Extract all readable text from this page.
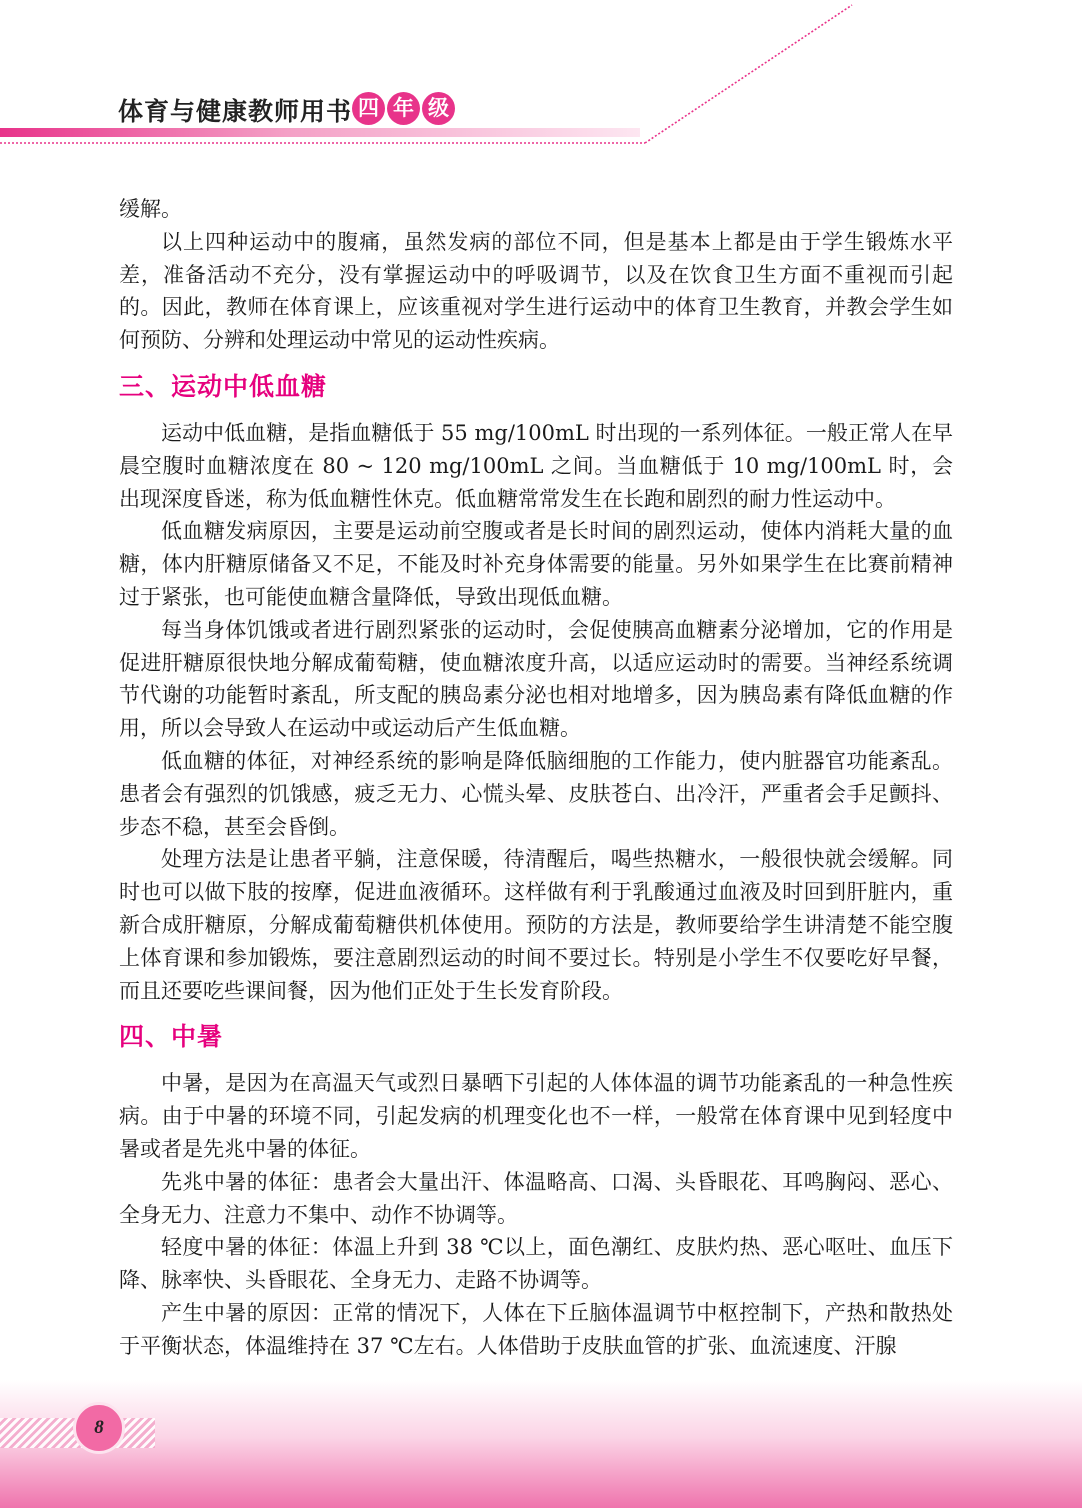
体育与健康教师用书 四 年 级

缓解。

以上四种运动中的腹痛，虽然发病的部位不同，但是基本上都是由于学生锻炼水平差，准备活动不充分，没有掌握运动中的呼吸调节，以及在饮食卫生方面不重视而引起的。因此，教师在体育课上，应该重视对学生进行运动中的体育卫生教育，并教会学生如何预防、分辨和处理运动中常见的运动性疾病。

三、运动中低血糖

运动中低血糖，是指血糖低于 55 mg/100mL 时出现的一系列体征。一般正常人在早晨空腹时血糖浓度在 80 ~ 120 mg/100mL 之间。当血糖低于 10 mg/100mL 时，会出现深度昏迷，称为低血糖性休克。低血糖常常发生在长跑和剧烈的耐力性运动中。

低血糖发病原因，主要是运动前空腹或者是长时间的剧烈运动，使体内消耗大量的血糖，体内肝糖原储备又不足，不能及时补充身体需要的能量。另外如果学生在比赛前精神过于紧张，也可能使血糖含量降低，导致出现低血糖。

每当身体饥饿或者进行剧烈紧张的运动时，会促使胰高血糖素分泌增加，它的作用是促进肝糖原很快地分解成葡萄糖，使血糖浓度升高，以适应运动时的需要。当神经系统调节代谢的功能暂时紊乱，所支配的胰岛素分泌也相对地增多，因为胰岛素有降低血糖的作用，所以会导致人在运动中或运动后产生低血糖。

低血糖的体征，对神经系统的影响是降低脑细胞的工作能力，使内脏器官功能紊乱。患者会有强烈的饥饿感，疲乏无力、心慌头晕、皮肤苍白、出冷汗，严重者会手足颤抖、步态不稳，甚至会昏倒。

处理方法是让患者平躺，注意保暖，待清醒后，喝些热糖水，一般很快就会缓解。同时也可以做下肢的按摩，促进血液循环。这样做有利于乳酸通过血液及时回到肝脏内，重新合成肝糖原，分解成葡萄糖供机体使用。预防的方法是，教师要给学生讲清楚不能空腹上体育课和参加锻炼，要注意剧烈运动的时间不要过长。特别是小学生不仅要吃好早餐，而且还要吃些课间餐，因为他们正处于生长发育阶段。

四、中暑

中暑，是因为在高温天气或烈日暴晒下引起的人体体温的调节功能紊乱的一种急性疾病。由于中暑的环境不同，引起发病的机理变化也不一样，一般常在体育课中见到轻度中暑或者是先兆中暑的体征。

先兆中暑的体征：患者会大量出汗、体温略高、口渴、头昏眼花、耳鸣胸闷、恶心、全身无力、注意力不集中、动作不协调等。

轻度中暑的体征：体温上升到 38 ℃以上，面色潮红、皮肤灼热、恶心呕吐、血压下降、脉率快、头昏眼花、全身无力、走路不协调等。

产生中暑的原因：正常的情况下，人体在下丘脑体温调节中枢控制下，产热和散热处于平衡状态，体温维持在 37 ℃左右。人体借助于皮肤血管的扩张、血流速度、汗腺

8
